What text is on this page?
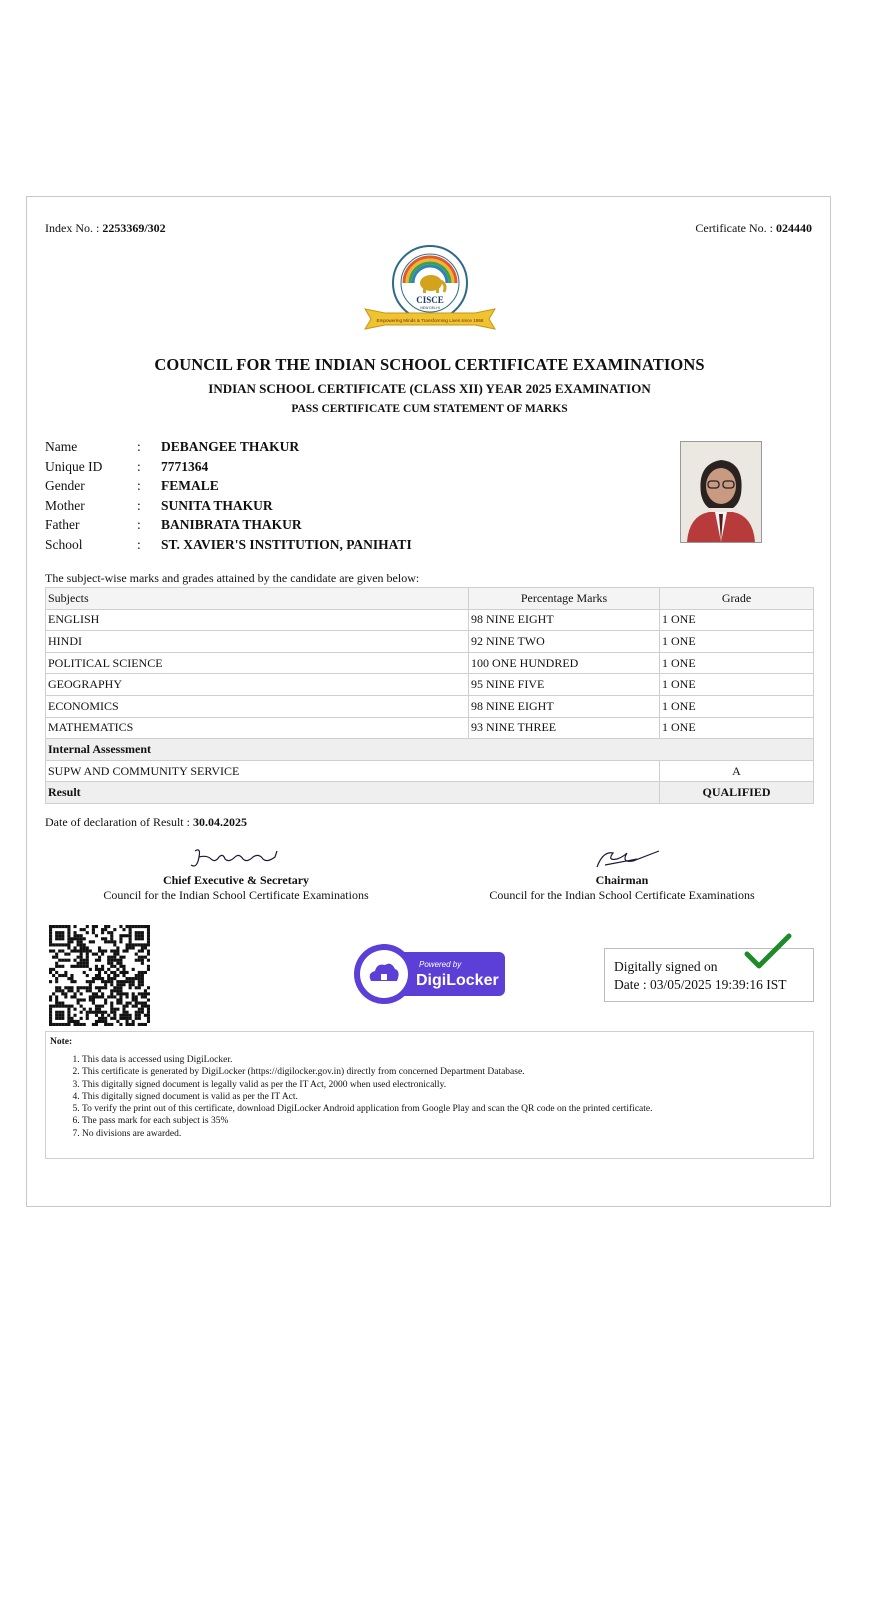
Index No. : 2253369/302	Certificate No. : 024440
CISCE
NEW DELHI
Empowering Minds & Transforming Lives since 1958
COUNCIL FOR THE INDIAN SCHOOL CERTIFICATE EXAMINATIONS
INDIAN SCHOOL CERTIFICATE (CLASS XII) YEAR 2025 EXAMINATION
PASS CERTIFICATE CUM STATEMENT OF MARKS
Name	:	DEBANGEE THAKUR
Unique ID	:	7771364
Gender	:	FEMALE
Mother	:	SUNITA THAKUR
Father	:	BANIBRATA THAKUR
School	:	ST. XAVIER'S INSTITUTION, PANIHATI
The subject-wise marks and grades attained by the candidate are given below:
Subjects	Percentage Marks	Grade
ENGLISH	98 NINE EIGHT	1 ONE
HINDI	92 NINE TWO	1 ONE
POLITICAL SCIENCE	100 ONE HUNDRED	1 ONE
GEOGRAPHY	95 NINE FIVE	1 ONE
ECONOMICS	98 NINE EIGHT	1 ONE
MATHEMATICS	93 NINE THREE	1 ONE
Internal Assessment		
SUPW AND COMMUNITY SERVICE		A
Result		QUALIFIED
Date of declaration of Result : 30.04.2025
Chief Executive & Secretary
Council for the Indian School Certificate Examinations
Chairman
Council for the Indian School Certificate Examinations
Powered by
DigiLocker
Digitally signed on
Date : 03/05/2025 19:39:16 IST
Note:
1. This data is accessed using DigiLocker.
2. This certificate is generated by DigiLocker (https://digilocker.gov.in) directly from concerned Department Database.
3. This digitally signed document is legally valid as per the IT Act, 2000 when used electronically.
4. This digitally signed document is valid as per the IT Act.
5. To verify the print out of this certificate, download DigiLocker Android application from Google Play and scan the QR code on the printed certificate.
6. The pass mark for each subject is 35%
7. No divisions are awarded.
